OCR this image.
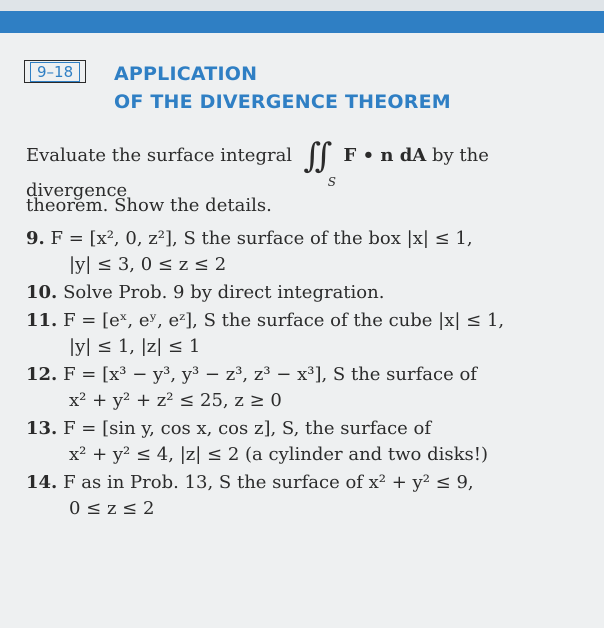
9–18	APPLICATION
OF THE DIVERGENCE THEOREM
Evaluate the surface integral ∬
S
F • n dA by the divergence
theorem. Show the details.
9. F = [x², 0, z²], S the surface of the box |x| ≤ 1,
|y| ≤ 3, 0 ≤ z ≤ 2
10. Solve Prob. 9 by direct integration.
11. F = [eˣ, eʸ, eᶻ], S the surface of the cube |x| ≤ 1,
|y| ≤ 1, |z| ≤ 1
12. F = [x³ − y³, y³ − z³, z³ − x³], S the surface of
x² + y² + z² ≤ 25, z ≥ 0
13. F = [sin y, cos x, cos z], S, the surface of
x² + y² ≤ 4, |z| ≤ 2 (a cylinder and two disks!)
14. F as in Prob. 13, S the surface of x² + y² ≤ 9,
0 ≤ z ≤ 2
